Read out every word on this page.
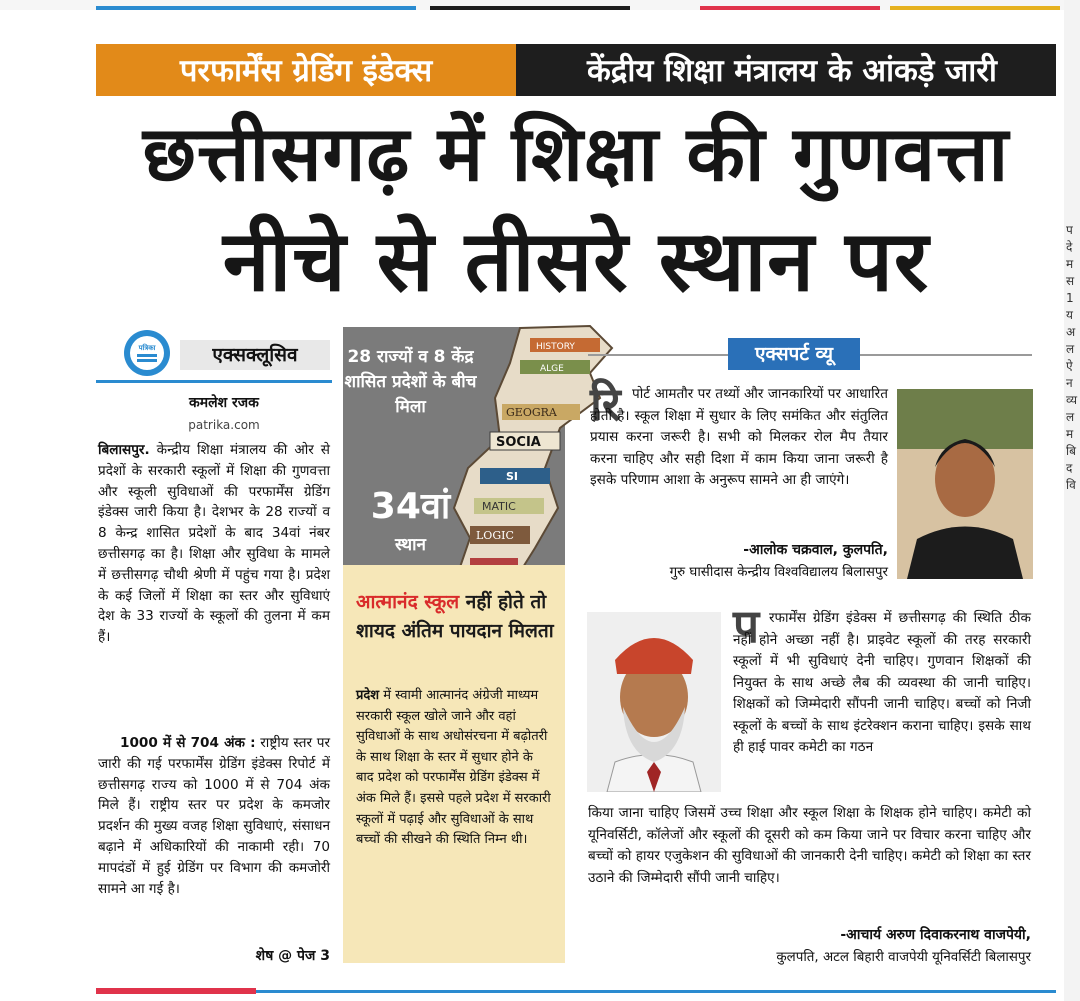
प दे म स 1 य अ ल ऐ न व्य ल म बि द वि
परफार्मेंस ग्रेडिंग इंडेक्स	केंद्रीय शिक्षा मंत्रालय के आंकड़े जारी
छत्तीसगढ़ में शिक्षा की गुणवत्ता
नीचे से तीसरे स्थान पर
पत्रिका	एक्सक्लूसिव
कमलेश रजक
patrika.com
बिलासपुर. केन्द्रीय शिक्षा मंत्रालय की ओर से प्रदेशों के सरकारी स्कूलों में शिक्षा की गुणवत्ता और स्कूली सुविधाओं की परफार्मेंस ग्रेडिंग इंडेक्स जारी किया है। देशभर के 28 राज्यों व 8 केन्द्र शासित प्रदेशों के बाद 34वां नंबर छत्तीसगढ़ का है। शिक्षा और सुविधा के मामले में छत्तीसगढ़ चौथी श्रेणी में पहुंच गया है। प्रदेश के कई जिलों में शिक्षा का स्तर और सुविधाएं देश के 33 राज्यों के स्कूलों की तुलना में कम हैं।
1000 में से 704 अंक : राष्ट्रीय स्तर पर जारी की गई परफार्मेंस ग्रेडिंग इंडेक्स रिपोर्ट में छत्तीसगढ़ राज्य को 1000 में से 704 अंक मिले हैं। राष्ट्रीय स्तर पर प्रदेश के कमजोर प्रदर्शन की मुख्य वजह शिक्षा सुविधाएं, संसाधन बढ़ाने में अधिकारियों की नाकामी रही। 70 मापदंडों में हुई ग्रेडिंग पर विभाग की कमजोरी सामने आ गई है।
शेष @ पेज 3
28 राज्यों व 8 केंद्र शासित प्रदेशों के बीच मिला
34वां
स्थान
HISTORY
ALGE
GEOGRA
SOCIA
SI
MATIC
LOGIC
आत्मानंद स्कूल नहीं होते तो शायद अंतिम पायदान मिलता
प्रदेश में स्वामी आत्मानंद अंग्रेजी माध्यम सरकारी स्कूल खोले जाने और वहां सुविधाओं के साथ अधोसंरचना में बढ़ोतरी के साथ शिक्षा के स्तर में सुधार होने के बाद प्रदेश को परफार्मेंस ग्रेडिंग इंडेक्स में अंक मिले हैं। इससे पहले प्रदेश में सरकारी स्कूलों में पढ़ाई और सुविधाओं के साथ बच्चों की सीखने की स्थिति निम्न थी।
एक्सपर्ट व्यू
रि पोर्ट आमतौर पर तथ्यों और जानकारियों पर आधारित होती है। स्कूल शिक्षा में सुधार के लिए समंकित और संतुलित प्रयास करना जरूरी है। सभी को मिलकर रोल मैप तैयार करना चाहिए और सही दिशा में काम किया जाना जरूरी है इसके परिणाम आशा के अनुरूप सामने आ ही जाएंगे।
-आलोक चक्रवाल, कुलपति,
गुरु घासीदास केन्द्रीय विश्वविद्यालय बिलासपुर
प रफार्मेंस ग्रेडिंग इंडेक्स में छत्तीसगढ़ की स्थिति ठीक नहीं होने अच्छा नहीं है। प्राइवेट स्कूलों की तरह सरकारी स्कूलों में भी सुविधाएं देनी चाहिए। गुणवान शिक्षकों की नियुक्त के साथ अच्छे लैब की व्यवस्था की जानी चाहिए। शिक्षकों को जिम्मेदारी सौंपनी जानी चाहिए। बच्चों को निजी स्कूलों के बच्चों के साथ इंटरेक्शन कराना चाहिए। इसके साथ ही हाई पावर कमेटी का गठन
किया जाना चाहिए जिसमें उच्च शिक्षा और स्कूल शिक्षा के शिक्षक होने चाहिए। कमेटी को यूनिवर्सिटी, कॉलेजों और स्कूलों की दूसरी को कम किया जाने पर विचार करना चाहिए और बच्चों को हायर एजुकेशन की सुविधाओं की जानकारी देनी चाहिए। कमेटी को शिक्षा का स्तर उठाने की जिम्मेदारी सौंपी जानी चाहिए।
-आचार्य अरुण दिवाकरनाथ वाजपेयी,
कुलपति, अटल बिहारी वाजपेयी यूनिवर्सिटी बिलासपुर
